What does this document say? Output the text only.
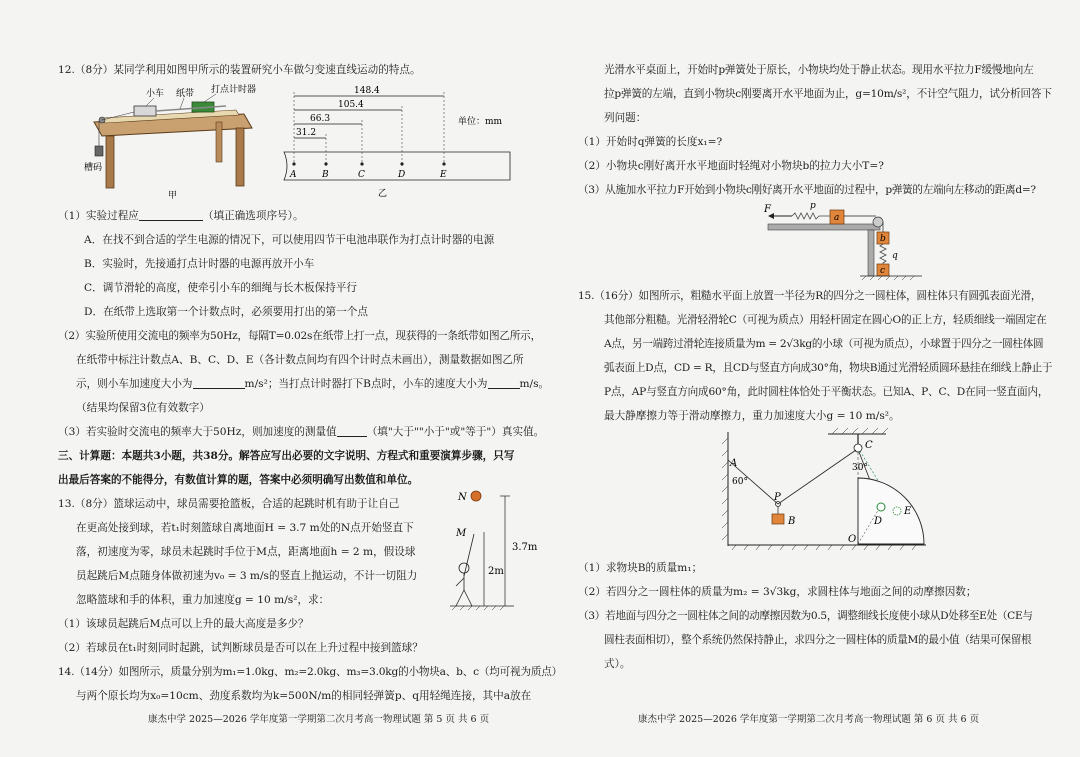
12.（8分）某同学利用如图甲所示的装置研究小车做匀变速直线运动的特点。

小车 纸带 打点计时器
槽码
甲
148.4
105.4
66.3
31.2
A	B	C	D	E
单位：mm
乙

（1）实验过程应	（填正确选项序号）。

A．在找不到合适的学生电源的情况下，可以使用四节干电池串联作为打点计时器的电源

B．实验时，先接通打点计时器的电源再放开小车

C．调节滑轮的高度，使牵引小车的细绳与长木板保持平行

D．在纸带上选取第一个计数点时，必须要用打出的第一个点

（2）实验所使用交流电的频率为50Hz，每隔T=0.02s在纸带上打一点，现获得的一条纸带如图乙所示，

在纸带中标注计数点A、B、C、D、E（各计数点间均有四个计时点未画出），测量数据如图乙所

示，则小车加速度大小为	m/s²；当打点计时器打下B点时，小车的速度大小为	m/s。

（结果均保留3位有效数字）

（3）若实验时交流电的频率大于50Hz，则加速度的测量值	（填"大于""小于"或"等于"）真实值。

三、计算题：本题共3小题，共38分。解答应写出必要的文字说明、方程式和重要演算步骤，只写

出最后答案的不能得分，有数值计算的题，答案中必须明确写出数值和单位。

13.（8分）篮球运动中，球员需要抢篮板，合适的起跳时机有助于让自己

在更高处接到球，若t₁时刻篮球自离地面H = 3.7 m处的N点开始竖直下

落，初速度为零，球员未起跳时手位于M点，距离地面h = 2 m，假设球

员起跳后M点随身体做初速为v₀ = 3 m/s的竖直上抛运动，不计一切阻力

忽略篮球和手的体积，重力加速度g = 10 m/s²，求：

N
3.7m
M
2m

（1）该球员起跳后M点可以上升的最大高度是多少？

（2）若球员在t₁时刻同时起跳，试判断球员是否可以在上升过程中接到篮球？

14.（14分）如图所示，质量分别为m₁=1.0kg、m₂=2.0kg、m₃=3.0kg的小物块a、b、c（均可视为质点）

与两个原长均为x₀=10cm、劲度系数均为k=500N/m的相同轻弹簧p、q用轻绳连接，其中a放在

康杰中学 2025—2026 学年度第一学期第二次月考高一物理试题 第 5 页 共 6 页

光滑水平桌面上，开始时p弹簧处于原长，小物块均处于静止状态。现用水平拉力F缓慢地向左

拉p弹簧的左端，直到小物块c刚要离开水平地面为止，g=10m/s²，不计空气阻力，试分析回答下

列问题：

（1）开始时q弹簧的长度x₁=?

（2）小物块c刚好离开水平地面时轻绳对小物块b的拉力大小T=?

（3）从施加水平拉力F开始到小物块c刚好离开水平地面的过程中，p弹簧的左端向左移动的距离d=?

F	p
a
b
q
c

15.（16分）如图所示，粗糙水平面上放置一半径为R的四分之一圆柱体，圆柱体只有圆弧表面光滑，

其他部分粗糙。光滑轻滑轮C（可视为质点）用轻杆固定在圆心O的正上方，轻质细线一端固定在

A点，另一端跨过滑轮连接质量为m = 2√3kg的小球（可视为质点），小球置于四分之一圆柱体圆

弧表面上D点，CD = R，且CD与竖直方向成30°角，物块B通过光滑轻质圆环悬挂在细线上静止于

P点，AP与竖直方向成60°角，此时圆柱体恰处于平衡状态。已知A、P、C、D在同一竖直面内，

最大静摩擦力等于滑动摩擦力，重力加速度大小g = 10 m/s²。

A
60°
C
30°
P
B	D
E
O

（1）求物块B的质量m₁；

（2）若四分之一圆柱体的质量为m₂ = 3√3kg，求圆柱体与地面之间的动摩擦因数；

（3）若地面与四分之一圆柱体之间的动摩擦因数为0.5，调整细线长度使小球从D处移至E处（CE与

圆柱表面相切），整个系统仍然保持静止，求四分之一圆柱体的质量M的最小值（结果可保留根

式）。

康杰中学 2025—2026 学年度第一学期第二次月考高一物理试题 第 6 页 共 6 页
